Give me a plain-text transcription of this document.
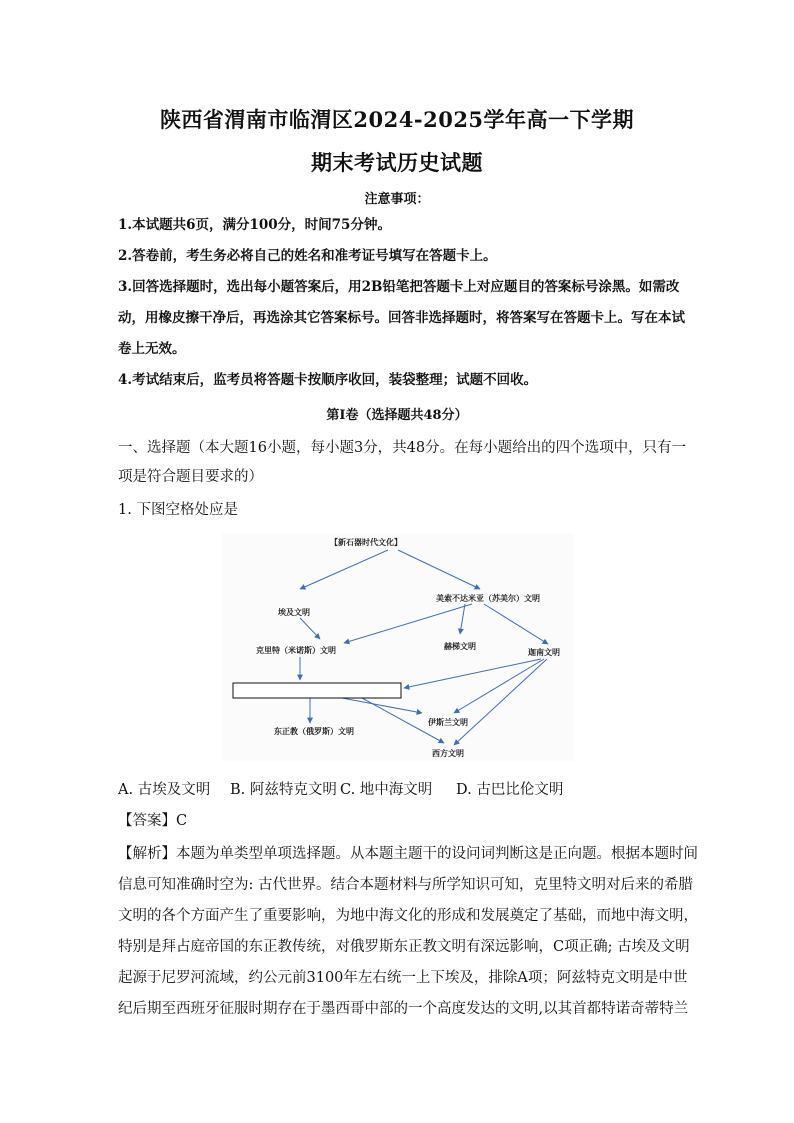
陕西省渭南市临渭区2024-2025学年高一下学期
期末考试历史试题
注意事项：
1.本试题共6页，满分100分，时间75分钟。
2.答卷前，考生务必将自己的姓名和准考证号填写在答题卡上。
3.回答选择题时，选出每小题答案后，用2B铅笔把答题卡上对应题目的答案标号涂黑。如需改动，用橡皮擦干净后，再选涂其它答案标号。回答非选择题时，将答案写在答题卡上。写在本试卷上无效。
4.考试结束后，监考员将答题卡按顺序收回，装袋整理；试题不回收。
第Ⅰ卷（选择题共48分）
一、选择题（本大题16小题，每小题3分，共48分。在每小题给出的四个选项中，只有一
项是符合题目要求的）
1. 下图空格处应是
【新石器时代文化】
埃及文明
美索不达米亚（苏美尔）文明
克里特（米诺斯）文明	赫梯文明
迦南文明
伊斯兰文明
东正教（俄罗斯）文明
西方文明
A. 古埃及文明 B. 阿兹特克文明 C. 地中海文明 D. 古巴比伦文明
【答案】C
【解析】本题为单类型单项选择题。从本题主题干的设问词判断这是正向题。根据本题时间
信息可知准确时空为: 古代世界。结合本题材料与所学知识可知，克里特文明对后来的希腊
文明的各个方面产生了重要影响，为地中海文化的形成和发展奠定了基础，而地中海文明，
特别是拜占庭帝国的东正教传统，对俄罗斯东正教文明有深远影响，C项正确; 古埃及文明
起源于尼罗河流域，约公元前3100年左右统一上下埃及，排除A项；阿兹特克文明是中世
纪后期至西班牙征服时期存在于墨西哥中部的一个高度发达的文明,以其首都特诺奇蒂特兰
